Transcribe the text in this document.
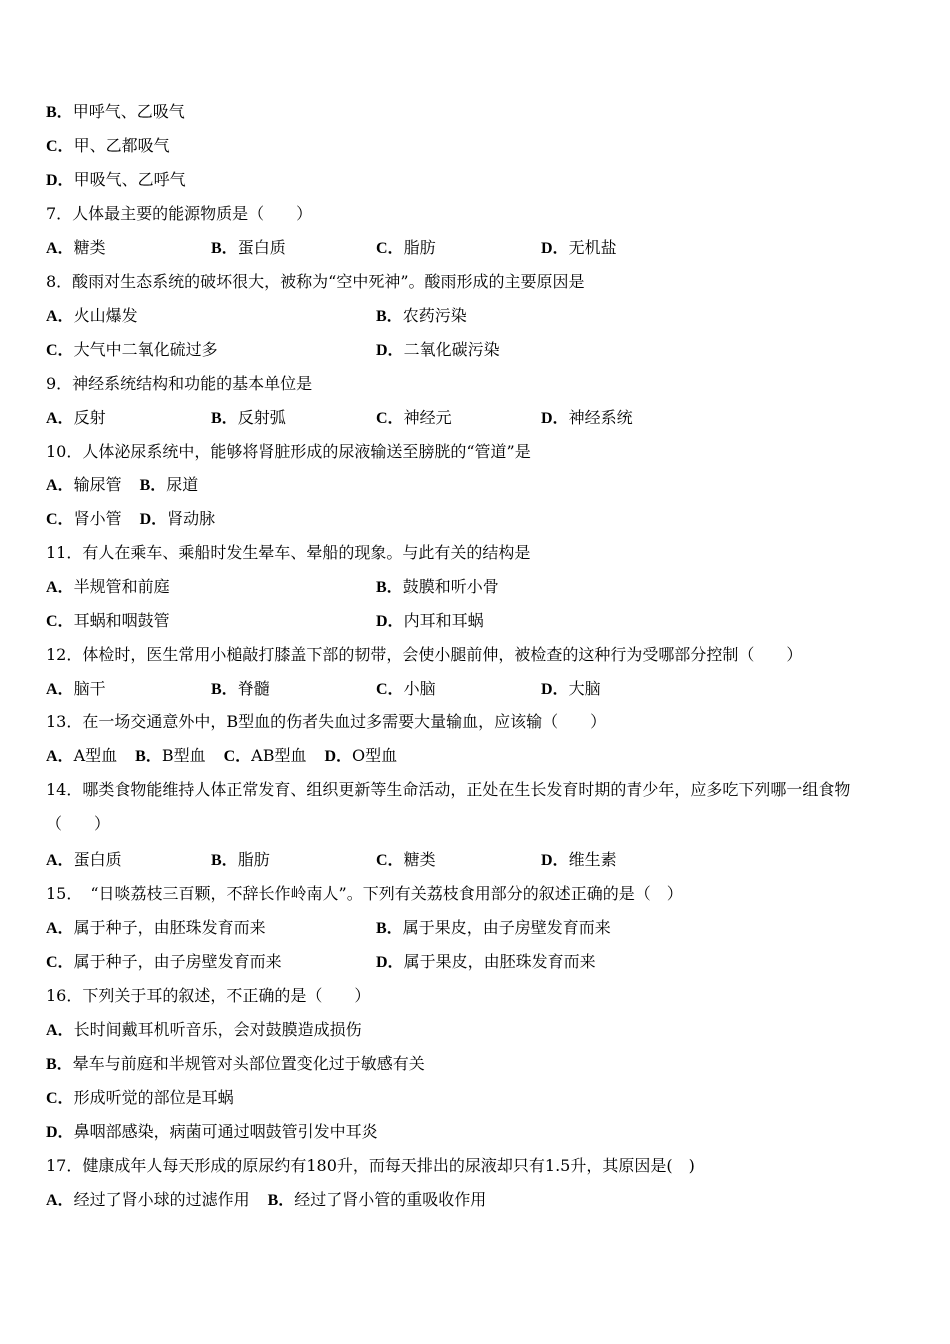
B．甲呼气、乙吸气
C．甲、乙都吸气
D．甲吸气、乙呼气
7．人体最主要的能源物质是（　　）
A．糖类	B．蛋白质	C．脂肪	D．无机盐
8．酸雨对生态系统的破坏很大，被称为“空中死神”。酸雨形成的主要原因是
A．火山爆发	B．农药污染
C．大气中二氧化硫过多	D．二氧化碳污染
9．神经系统结构和功能的基本单位是
A．反射	B．反射弧	C．神经元	D．神经系统
10．人体泌尿系统中，能够将肾脏形成的尿液输送至膀胱的“管道”是
A．输尿管 B．尿道
C．肾小管 D．肾动脉
11．有人在乘车、乘船时发生晕车、晕船的现象。与此有关的结构是
A．半规管和前庭	B．鼓膜和听小骨
C．耳蜗和咽鼓管	D．内耳和耳蜗
12．体检时，医生常用小槌敲打膝盖下部的韧带，会使小腿前伸，被检查的这种行为受哪部分控制（　　）
A．脑干	B．脊髓	C．小脑	D．大脑
13．在一场交通意外中，B型血的伤者失血过多需要大量输血，应该输（　　）
A．A型血 B．B型血 C．AB型血 D．O型血
14．哪类食物能维持人体正常发育、组织更新等生命活动，正处在生长发育时期的青少年，应多吃下列哪一组食物（　　）
A．蛋白质	B．脂肪	C．糖类	D．维生素
15．　“日啖荔枝三百颗，不辞长作岭南人”。下列有关荔枝食用部分的叙述正确的是（　）
A．属于种子，由胚珠发育而来	B．属于果皮，由子房壁发育而来
C．属于种子，由子房壁发育而来	D．属于果皮，由胚珠发育而来
16．下列关于耳的叙述，不正确的是（　　）
A．长时间戴耳机听音乐，会对鼓膜造成损伤
B．晕车与前庭和半规管对头部位置变化过于敏感有关
C．形成听觉的部位是耳蜗
D．鼻咽部感染，病菌可通过咽鼓管引发中耳炎
17．健康成年人每天形成的原尿约有180升，而每天排出的尿液却只有1.5升，其原因是(　)
A．经过了肾小球的过滤作用 B．经过了肾小管的重吸收作用
